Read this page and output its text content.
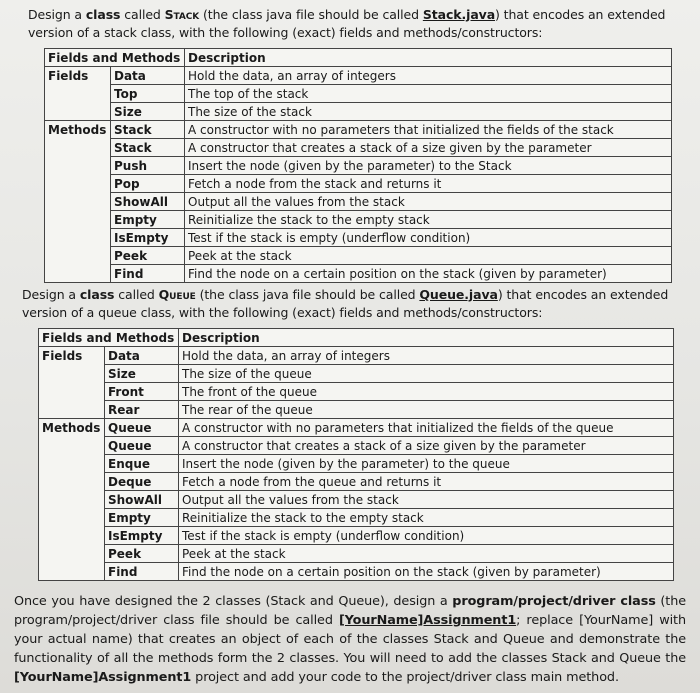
Design a class called Stack (the class java file should be called Stack.java) that encodes an extended version of a stack class, with the following (exact) fields and methods/constructors:
Fields and Methods		Description
Fields	Data	Hold the data, an array of integers
	Top	The top of the stack
	Size	The size of the stack
Methods	Stack	A constructor with no parameters that initialized the fields of the stack
	Stack	A constructor that creates a stack of a size given by the parameter
	Push	Insert the node (given by the parameter) to the Stack
	Pop	Fetch a node from the stack and returns it
	ShowAll	Output all the values from the stack
	Empty	Reinitialize the stack to the empty stack
	IsEmpty	Test if the stack is empty (underflow condition)
	Peek	Peek at the stack
	Find	Find the node on a certain position on the stack (given by parameter)
Design a class called Queue (the class java file should be called Queue.java) that encodes an extended version of a queue class, with the following (exact) fields and methods/constructors:
Fields and Methods		Description
Fields	Data	Hold the data, an array of integers
	Size	The size of the queue
	Front	The front of the queue
	Rear	The rear of the queue
Methods	Queue	A constructor with no parameters that initialized the fields of the queue
	Queue	A constructor that creates a stack of a size given by the parameter
	Enque	Insert the node (given by the parameter) to the queue
	Deque	Fetch a node from the queue and returns it
	ShowAll	Output all the values from the stack
	Empty	Reinitialize the stack to the empty stack
	IsEmpty	Test if the stack is empty (underflow condition)
	Peek	Peek at the stack
	Find	Find the node on a certain position on the stack (given by parameter)
Once you have designed the 2 classes (Stack and Queue), design a program/project/driver class (the program/project/driver class file should be called [YourName]Assignment1; replace [YourName] with your actual name) that creates an object of each of the classes Stack and Queue and demonstrate the functionality of all the methods form the 2 classes. You will need to add the classes Stack and Queue the [YourName]Assignment1 project and add your code to the project/driver class main method.
